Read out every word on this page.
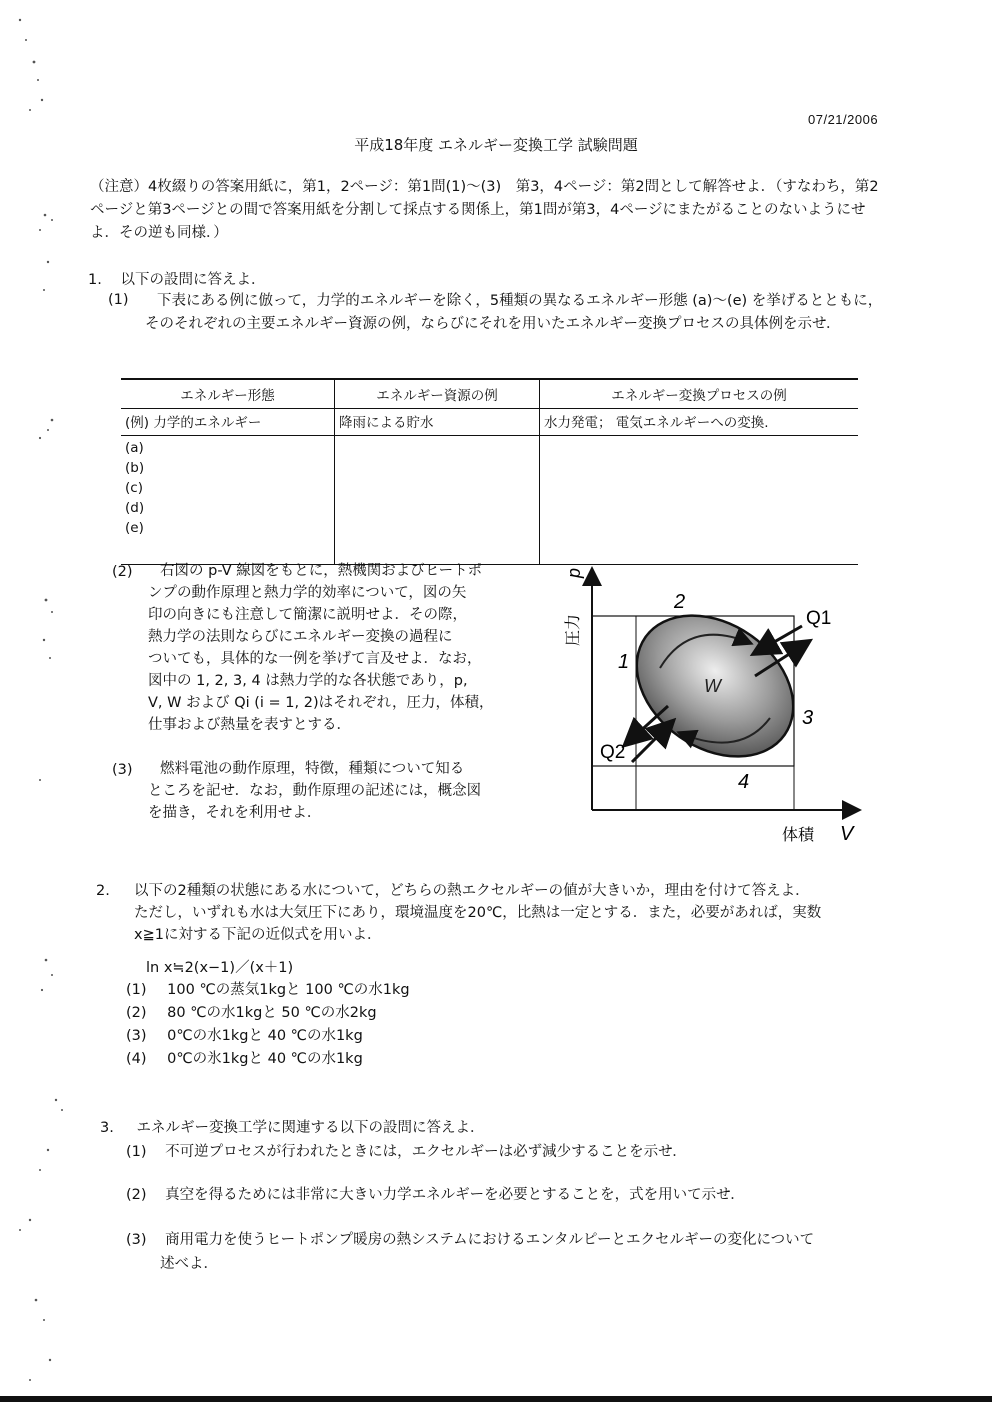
07/21/2006
平成18年度 エネルギー変換工学 試験問題
（注意）4枚綴りの答案用紙に，第1，2ページ：第1問(1)〜(3)　第3，4ページ：第2問として解答せよ．（すなわち，第2ページと第3ページとの間で答案用紙を分割して採点する関係上，第1問が第3，4ページにまたがることのないようにせよ．その逆も同様．）
1. 以下の設問に答えよ．
(1)	下表にある例に倣って，力学的エネルギーを除く，5種類の異なるエネルギー形態 (a)〜(e) を挙げるとともに，そのそれぞれの主要エネルギー資源の例，ならびにそれを用いたエネルギー変換プロセスの具体例を示せ．
エネルギー形態	エネルギー資源の例	エネルギー変換プロセスの例
(例) 力学的エネルギー	降雨による貯水	水力発電； 電気エネルギーへの変換.

(a)
(b)
(c)
(d)
(e)		

(2)	右図の p-V 線図をもとに，熱機関およびヒートポ
ンプの動作原理と熱力学的効率について，図の矢
印の向きにも注意して簡潔に説明せよ．その際，
熱力学の法則ならびにエネルギー変換の過程に
ついても，具体的な一例を挙げて言及せよ．なお，
図中の 1, 2, 3, 4 は熱力学的な各状態であり，p,
V, W および Qi (i = 1, 2)はそれぞれ，圧力，体積，
仕事および熱量を表すとする．
(3)	燃料電池の動作原理，特徴，種類について知る
ところを記せ．なお，動作原理の記述には，概念図
を描き，それを利用せよ．
圧力
p
体積 V
1
2
3
4
Q1
Q2
W
2. 以下の2種類の状態にある水について，どちらの熱エクセルギーの値が大きいか，理由を付けて答えよ．
ただし，いずれも水は大気圧下にあり，環境温度を20℃，比熱は一定とする．また，必要があれば，実数
x≧1に対する下記の近似式を用いよ．
ln x≒2(x−1)／(x＋1)
(1) 100 ℃の蒸気1kgと 100 ℃の水1kg
(2) 80 ℃の水1kgと 50 ℃の水2kg
(3) 0℃の水1kgと 40 ℃の水1kg
(4) 0℃の氷1kgと 40 ℃の水1kg
3. エネルギー変換工学に関連する以下の設問に答えよ．
(1) 不可逆プロセスが行われたときには，エクセルギーは必ず減少することを示せ．
(2) 真空を得るためには非常に大きい力学エネルギーを必要とすることを，式を用いて示せ．
(3) 商用電力を使うヒートポンプ暖房の熱システムにおけるエンタルピーとエクセルギーの変化について
述べよ．
